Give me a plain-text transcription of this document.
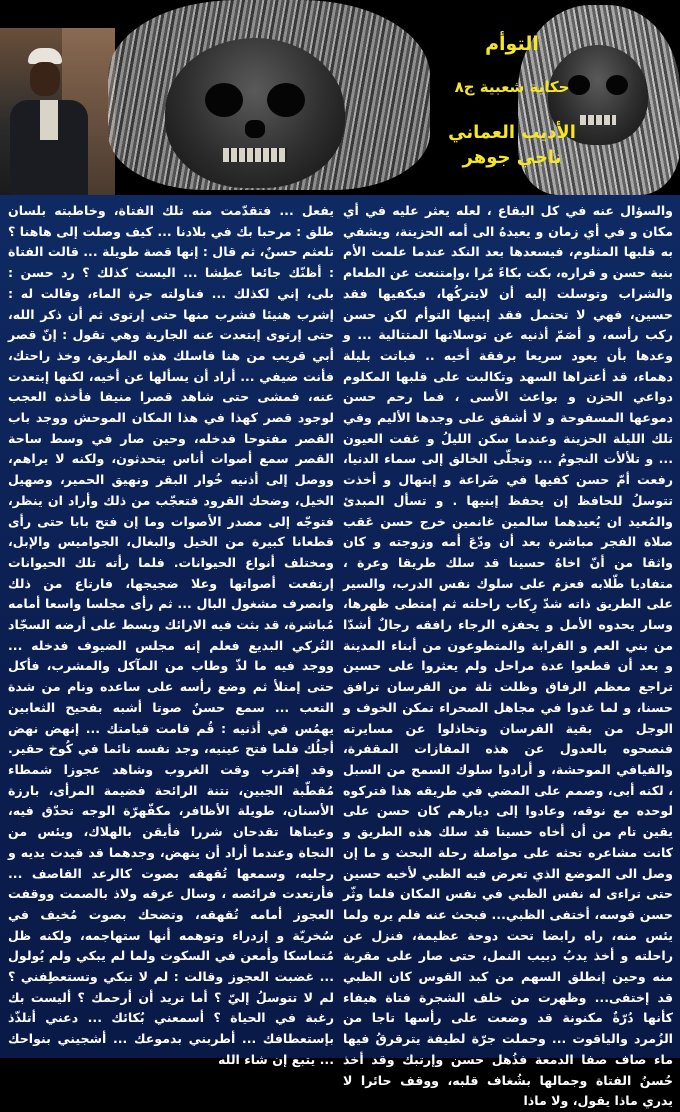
التوأم
حكاية شعبية ج٨
الأديب العماني
ناجي جوهر
والسؤال عنه في كل البقاع ، لعله يعثر عليه في أي مكان و في أي زمان و يعيدهُ الى أمه الحزينة، ويشفي به قلبها المثلوم، فيسعدها بعد النكد عندما علمت الأم بنية حسن و قراره، بكت بكاءً مُرا ،وإمتنعت عن الطعام والشراب وتوسلت إليه أن لايتركُها، فيكفيها فقد حسين، فهي لا تحتمل فقد إبنيها التوأم لكن حسن ركب رأسه، و أصَمّ أذنيه عن توسلاتها المتتالية ... و وعدها بأن يعود سريعا برفقة أخيه .. فباتت بليلة دهماء، قد أعتراها السهد وتكالبت على قلبها المكلوم دواعي الحزن و بواعث الأسى ، فما رحم حسن دموعها المسفوحة و لا أشفق على وجدها الأليم وفي تلك الليلة الحزينة وعندما سكن الليلُ و غفت العيون ... و تلألأت النجومُ ... وتجلّى الخالق إلى سماء الدنيا، رفعت أمّ حسن كفيها في ضَراعة و إبتهال و أخذت تتوسلُ للحافظ إن يحفظ إبنيها . و تسأل المبدئ والمُعيد ان يُعيدهما سالمين غانمين خرج حسن عَقب صلاة الفجر مباشرة بعد أن ودّعَ أمه وزوجته و كان واثقا من أنّ اخاهُ حسينا قد سلك طريقا وعرة ، متفاديا طّلابه فعزم على سلوك نفس الدرب، والسير على الطريق ذاته شدّ رِكاب راحلته ثم إمتطى ظهرها، وسار يحدوه الأمل و يحفزه الرجاء رافقه رجالٌ أشدّا من بني العم و القرابة والمتطوعون من أبناء المدينة و بعد أن قطعوا عدة مراحل ولم يعثروا على حسين تراجع معظم الرفاق وظلت ثلة من الفرسان ترافق حسنا، و لما غدوا في مجاهل الصحراء تمكن الخوف و الوجل من بقية الفرسان وتخاذلوا عن مسايرته فنصحوه بالعدول عن هذه المفازات المقفرة، والفيافي الموحشة، و أرادوا سلوك السمح من السبل ، لكنه أبى، وصمم على المضي في طريقه هذا فتركوه لوحده مع نوقه، وعادوا إلى ديارهم كان حسن على يقين تام من أن أخاه حسينا قد سلك هذه الطريق و كانت مشاعره تحثه على مواصلة رحلة البحث و ما إن وصل الى الموضع الذي تعرض فيه الظبي لأخيه حسين حتى تراءى له نفس الظبي في نفس المكان فلما وثّر حسن قوسه، أختفى الظبي... فبحث عنه فلم يره ولما يئس منه، راه رابضا تحت دوحة عظيمة، فنزل عن راحلته و أخذ يدبُ دبيب النمل، حتى صار على مقربة منه وحين إنطلق السهم من كبد القوس كان الظبي قد إختفى... وظهرت من خلف الشجرة فتاة هيفاء كأنها دُرّةٌ مكنونة قد وضعت على رأسها تاجا من الزُمرد والياقوت ... وحملت جرّة لطيفة يترقرقُ فيها ماء صاف صفا الدمعة فذُهل حسن وإرتبك وقد أخذ حُسنُ الفتاة وجمالها بشُغاف قلبه، ووقف حائرا لا يدري ماذا يقول، ولا ماذا
يفعل ... فتقدّمت منه تلك الفتاة، وخاطبته بلسان طلق : مرحبا بك في بلادنا ... كيف وصلت إلى هاهنا ؟ تلعثم حسنٌ، ثم قال : إنها قصة طويلة ... قالت الفتاة : أظنّك جائعا عطِشا ... اليست كذلك ؟ رد حسن : بلى، إني لكذلك ... فناولته جرة الماء، وقالت له : إشرب هنيئا فشرب منها حتى إرتوى ثم أن ذكر الله، حتى إرتوى إبتعدت عنه الجارية وهي تقول : إنّ قصر أبي قريب من هنا فاسلك هذه الطريق، وخذ راحتك، فأنت ضيفي ... أراد أن يسألها عن أخيه، لكنها إبتعدت عنه، فمشى حتى شاهد قصرا منيفا فأخذه العجب لوجود قصر كهذا في هذا المكان الموحش ووجد باب القصر مفتوحا فدخله، وحين صار في وسط ساحة القصر سمع أصوات أناس يتحدثون، ولكنه لا يراهم، ووصل إلى أذنيه خُوار البقر ونهيق الحمير، وصهيل الخيل، وضحك القرود فتعجّب من ذلك وأراد ان ينظر، فتوجّه إلى مصدر الأصوات وما إن فتح بابا حتى رأى قطعانا كبيرة من الخيل والبغال، الجواميس والإبل، ومختلف أنواع الحيوانات. فلما رأته تلك الحيوانات إرتفعت أصواتها وعلا ضجيجها، فارتاع من ذلك وانصرف مشغول البال ... ثم رأى مجلسا واسعا أمامه مُباشرة، قد بثت فيه الارائك وبسط على أرضه السجّاد التُركي البديع فعلم إنه مجلس الضيوف فدخله ... ووجد فيه ما لذّ وطاب من المآكل والمشرب، فأكل حتى إمتلأ ثم وضع رأسه على ساعده ونام من شدة التعب ... سمع حسنٌ صوتا أشبه بفحيح الثعابين يهمُس في أذنيه : قُم قامت قيامتك ... إنهض نهض أجلُك فلما فتح عينيه، وجد نفسه نائما في كُوخ حقير. وقد إقترب وقت الغروب وشاهد عجوزا شمطاء مُقطّبة الجبين، نتنة الرائحة فضيمة المرأى، بارزة الأسنان، طويلة الأظافر، مكفّهرّة الوجه تحدّق فيه، وعيناها تقدحان شررا فأيقن بالهلاك، ويئس من النجاة وعندما أراد أن ينهض، وجدهما قد قيدت يديه و رجليه، وسمعها تُقهقه بصوت كالرعد القاصف ... فأرتعدت فرائصه ، وسال عرقه ولاذ بالصمت ووقفت العجوز أمامه تُقهقه، وتضحك بصوت مُخيف في سُخريّة و إزدراء وتوهمه أنها ستهاجمه، ولكنه ظل مُتماسكا وأمعن في السكوت ولما لم يبكي ولم يُولول ... غضبت العجوز وقالت : لم لا تبكي وتستعطِفني ؟ لم لا تتوسلُ إليّ ؟ أما تريد أن أرحمك ؟ أليست بك رغبة في الحياة ؟ أسمعني بُكائك ... دعني أتلذّذ بإستعطافك ... أطربني بدموعك ... أشجيني بنواحك ... يتبع إن شاء الله
